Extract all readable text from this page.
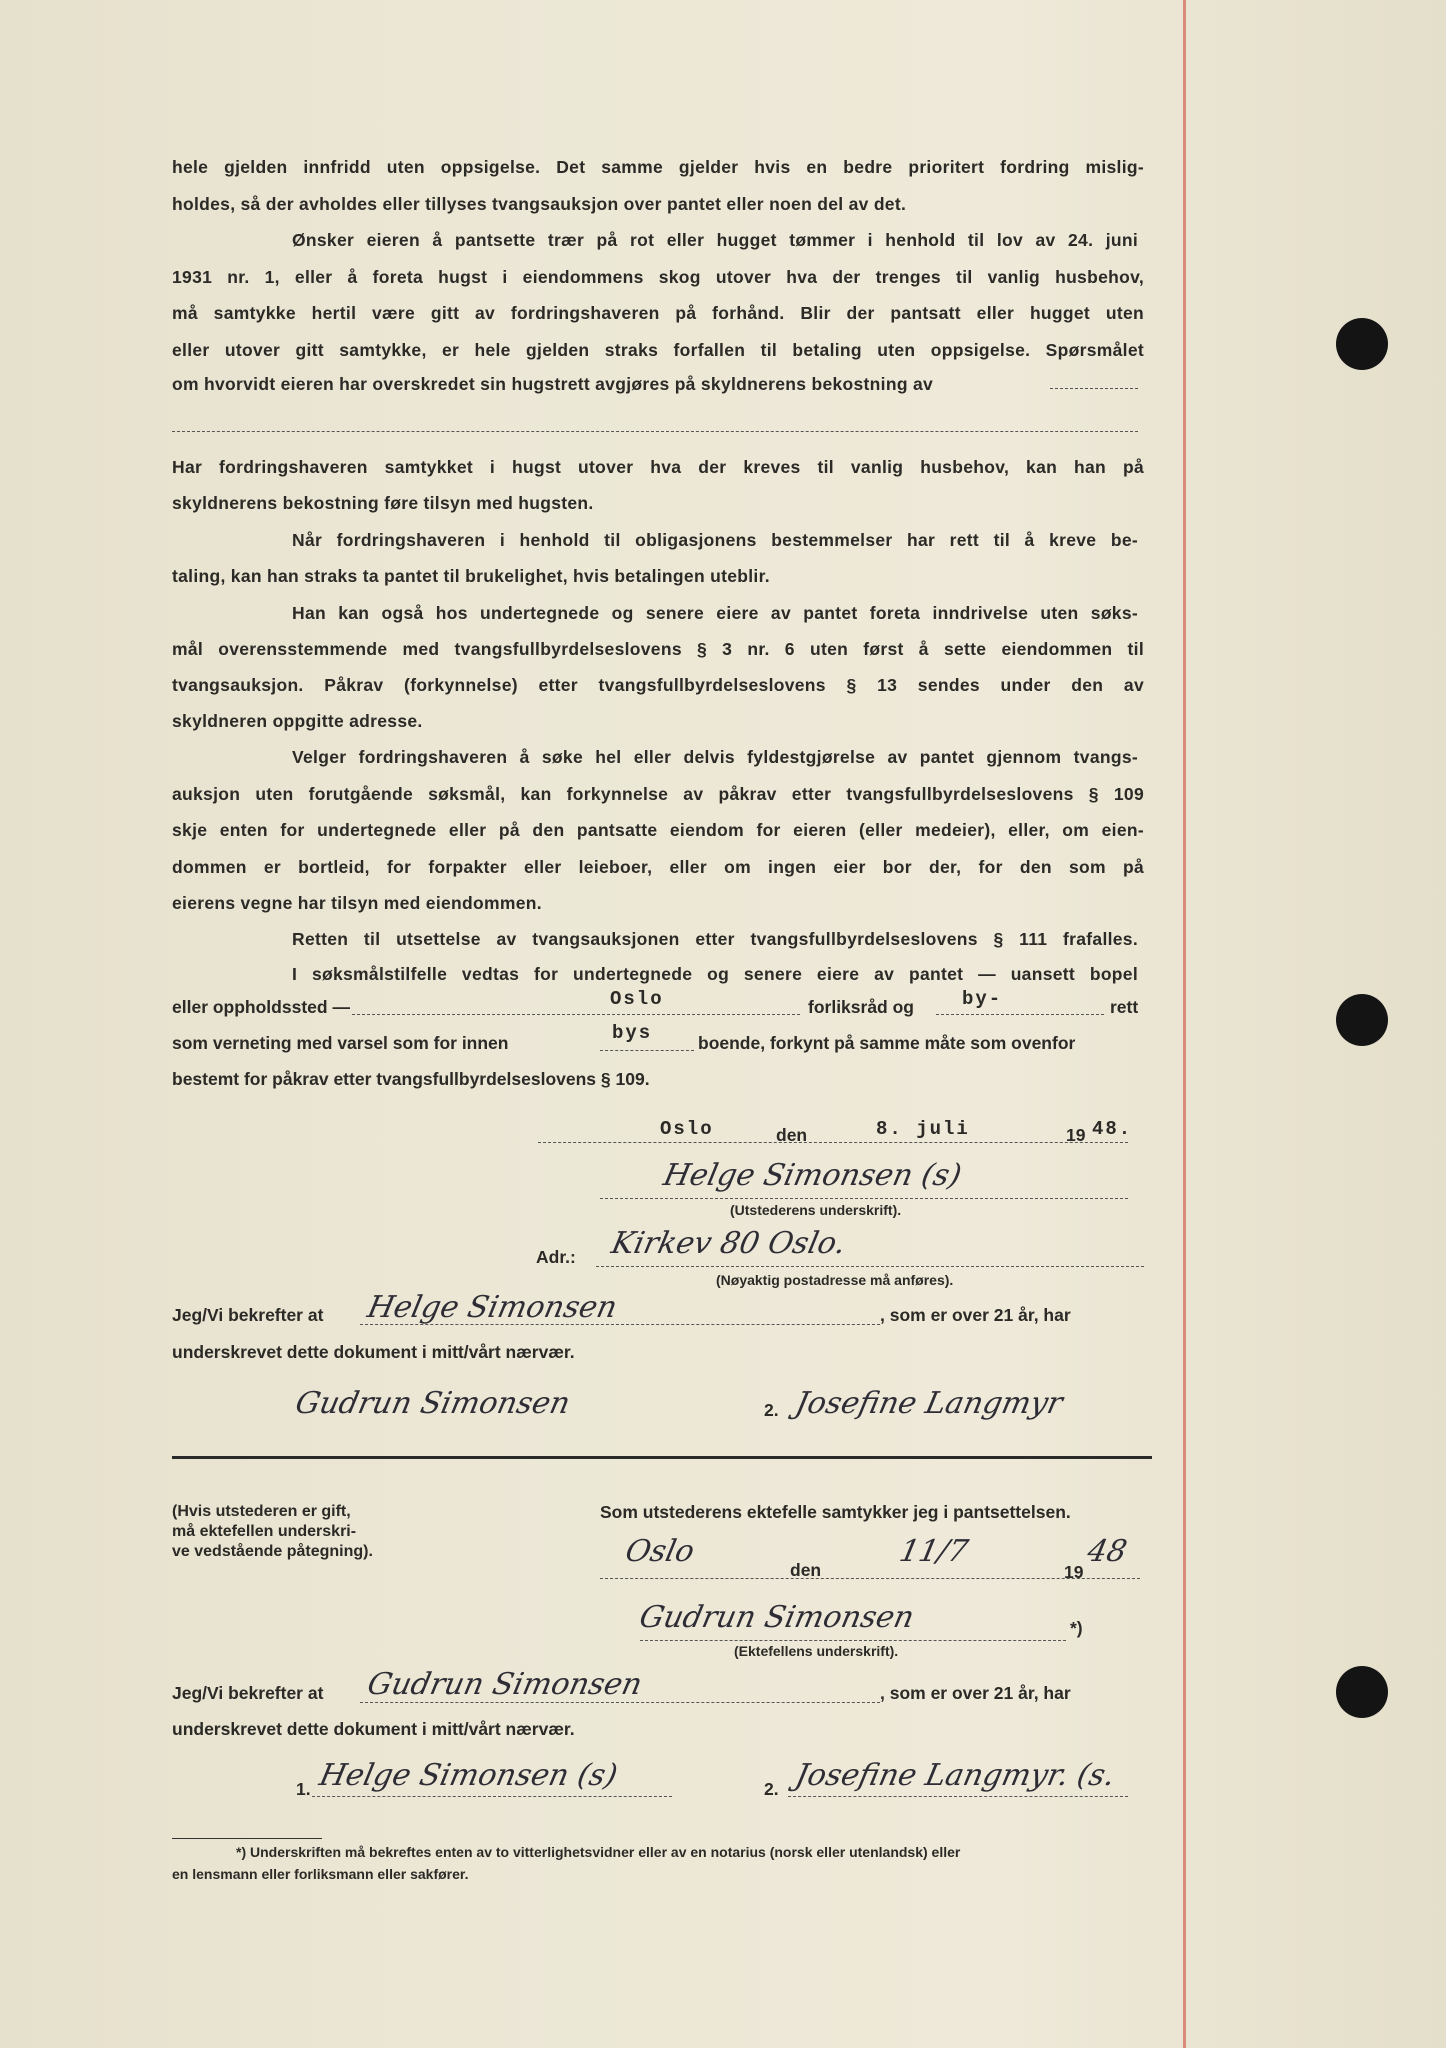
hele gjelden innfridd uten oppsigelse. Det samme gjelder hvis en bedre prioritert fordring mislig-
holdes, så der avholdes eller tillyses tvangsauksjon over pantet eller noen del av det.
Ønsker eieren å pantsette trær på rot eller hugget tømmer i henhold til lov av 24. juni
1931 nr. 1, eller å foreta hugst i eiendommens skog utover hva der trenges til vanlig husbehov,
må samtykke hertil være gitt av fordringshaveren på forhånd. Blir der pantsatt eller hugget uten
eller utover gitt samtykke, er hele gjelden straks forfallen til betaling uten oppsigelse. Spørsmålet
om hvorvidt eieren har overskredet sin hugstrett avgjøres på skyldnerens bekostning av
Har fordringshaveren samtykket i hugst utover hva der kreves til vanlig husbehov, kan han på
skyldnerens bekostning føre tilsyn med hugsten.
Når fordringshaveren i henhold til obligasjonens bestemmelser har rett til å kreve be-
taling, kan han straks ta pantet til brukelighet, hvis betalingen uteblir.
Han kan også hos undertegnede og senere eiere av pantet foreta inndrivelse uten søks-
mål overensstemmende med tvangsfullbyrdelseslovens § 3 nr. 6 uten først å sette eiendommen til
tvangsauksjon. Påkrav (forkynnelse) etter tvangsfullbyrdelseslovens § 13 sendes under den av
skyldneren oppgitte adresse.
Velger fordringshaveren å søke hel eller delvis fyldestgjørelse av pantet gjennom tvangs-
auksjon uten forutgående søksmål, kan forkynnelse av påkrav etter tvangsfullbyrdelseslovens § 109
skje enten for undertegnede eller på den pantsatte eiendom for eieren (eller medeier), eller, om eien-
dommen er bortleid, for forpakter eller leieboer, eller om ingen eier bor der, for den som på
eierens vegne har tilsyn med eiendommen.
Retten til utsettelse av tvangsauksjonen etter tvangsfullbyrdelseslovens § 111 frafalles.
I søksmålstilfelle vedtas for undertegnede og senere eiere av pantet — uansett bopel
eller oppholdssted —	Oslo	forliksråd og	by-	rett
som verneting med varsel som for innen	bys	boende, forkynt på samme måte som ovenfor
bestemt for påkrav etter tvangsfullbyrdelseslovens § 109.
Oslo	den	8. juli	19 48.
Helge Simonsen (s)
(Utstederens underskrift).
Adr.: Kirkev 80 Oslo.
(Nøyaktig postadresse må anføres).
Jeg/Vi bekrefter at Helge Simonsen	, som er over 21 år, har
underskrevet dette dokument i mitt/vårt nærvær.
Gudrun Simonsen	2. Josefine Langmyr
(Hvis utstederen er gift,
må ektefellen underskri-
ve vedstående påtegning).
Som utstederens ektefelle samtykker jeg i pantsettelsen.
Oslo
den
11/7
19
48
Gudrun Simonsen	*)
(Ektefellens underskrift).
Jeg/Vi bekrefter at Gudrun Simonsen	, som er over 21 år, har
underskrevet dette dokument i mitt/vårt nærvær.
1. Helge Simonsen (s)	2. Josefine Langmyr. (s.
*) Underskriften må bekreftes enten av to vitterlighetsvidner eller av en notarius (norsk eller utenlandsk) eller
en lensmann eller forliksmann eller sakfører.
